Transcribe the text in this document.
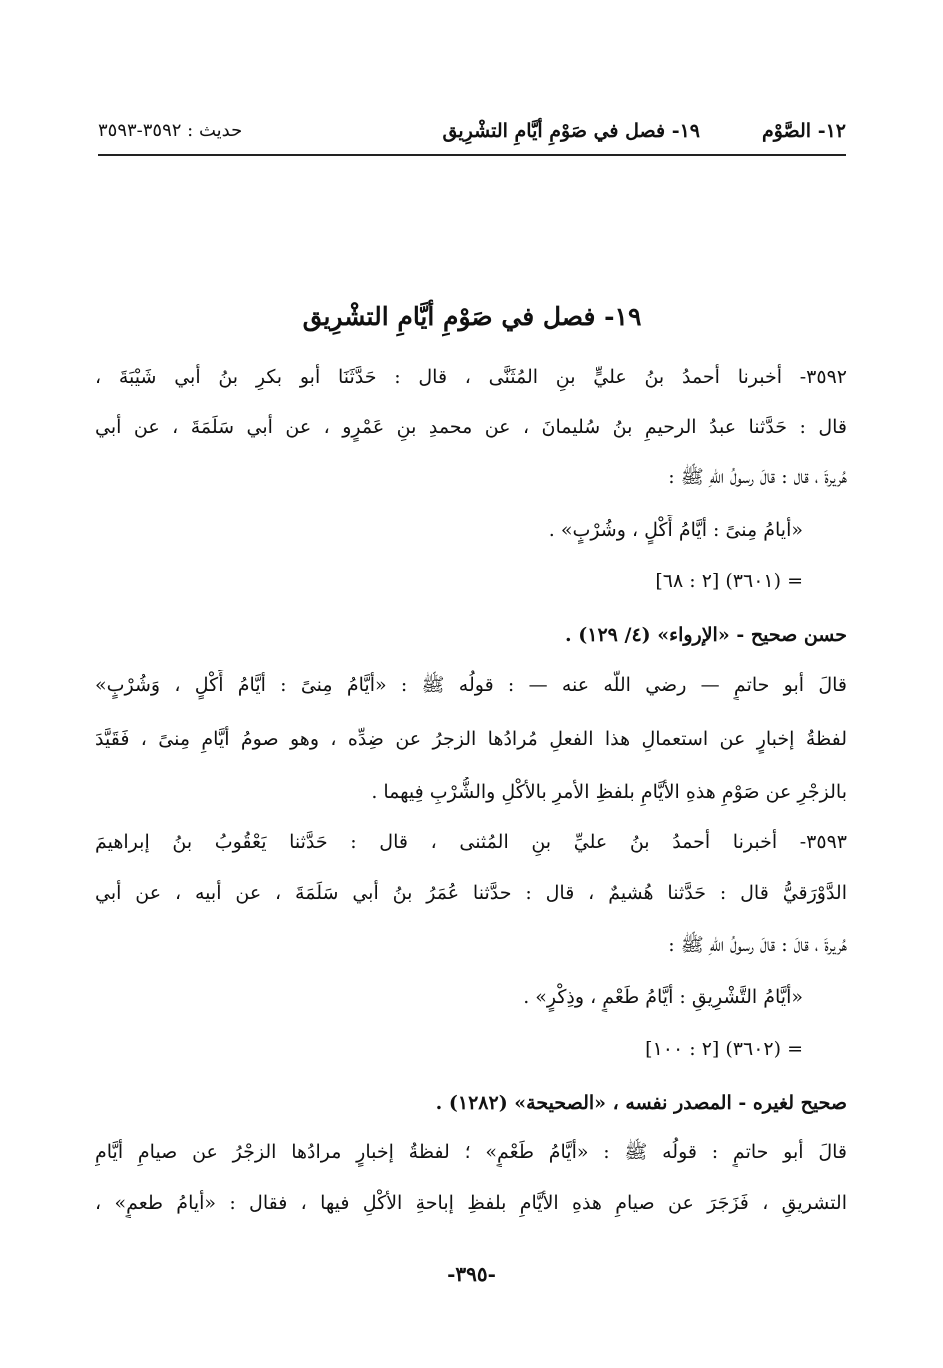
١٢- الصَّوْم
١٩- فصل في صَوْمِ أيَّامِ التشْرِيق
حديث : ٣٥٩٢-٣٥٩٣
١٩- فصل في صَوْمِ أيَّامِ التشْرِيق
٣٥٩٢- أخبرنا أحمدُ بنُ عليٍّ بنِ المُثَنَّى ، قال : حَدَّثَنَا أبو بكرِ بنُ أبي شَيْبَةَ ،
قال : حَدَّثنا عبدُ الرحيمِ بنُ سُليمانَ ، عن محمدِ بنِ عَمْرٍو ، عن أبي سَلَمَةَ ، عن أبي
هُريرةَ ، قال : قالَ رسولُ اللّهِ ﷺ :
«أيامُ مِنىً : أيَّامُ أَكْلٍ ، وشُرْبٍ» .
= (٣٦٠١) [٢ : ٦٨]
حسن صحيح - «الإرواء» (٤/ ١٢٩) .
قالَ أبو حاتمٍ — رضي اللّه عنه — : قولُه ﷺ : «أيَّامُ مِنىً : أيَّامُ أَكْلٍ ، وَشُرْبٍ»
لفظةُ إخبارٍ عن استعمالِ هذا الفعلِ مُرادُها الزجرُ عن ضِدِّه ، وهو صومُ أيَّامِ مِنىً ، فَقَيَّدَ
بالزجْرِ عن صَوْمِ هذهِ الأيَّامِ بلفظِ الأمرِ بالأكْلِ والشُّرْبِ فِيهما .
٣٥٩٣- أخبرنا أحمدُ بنُ عليِّ بنِ المُثنى ، قال : حَدَّثنا يَعْقُوبُ بنُ إبراهيمَ
الدَّوْرَقيُّ قال : حَدَّثنا هُشيمٌ ، قال : حدَّثنا عُمَرُ بنُ أبي سَلَمَةَ ، عن أبيه ، عن أبي
هُريرةَ ، قالَ : قالَ رسولُ اللّهِ ﷺ :
«أيَّامُ التَّشْرِيقِ : أيَّامُ طَعْمٍ ، وذِكْرٍ» .
= (٣٦٠٢) [٢ : ١٠٠]
صحيح لغيره - المصدر نفسه ، «الصحيحة» (١٢٨٢) .
قالَ أبو حاتمٍ : قولُه ﷺ : «أيَّامُ طَعْمٍ» ؛ لفظةُ إخبارٍ مرادُها الزجْرُ عن صيامِ أيَّامِ
التشريقِ ، فَزَجَرَ عن صيامِ هذهِ الأيَّامِ بلفظِ إباحةِ الأكْلِ فيها ، فقال : «أيامُ طعمٍ» ،
-٣٩٥-
